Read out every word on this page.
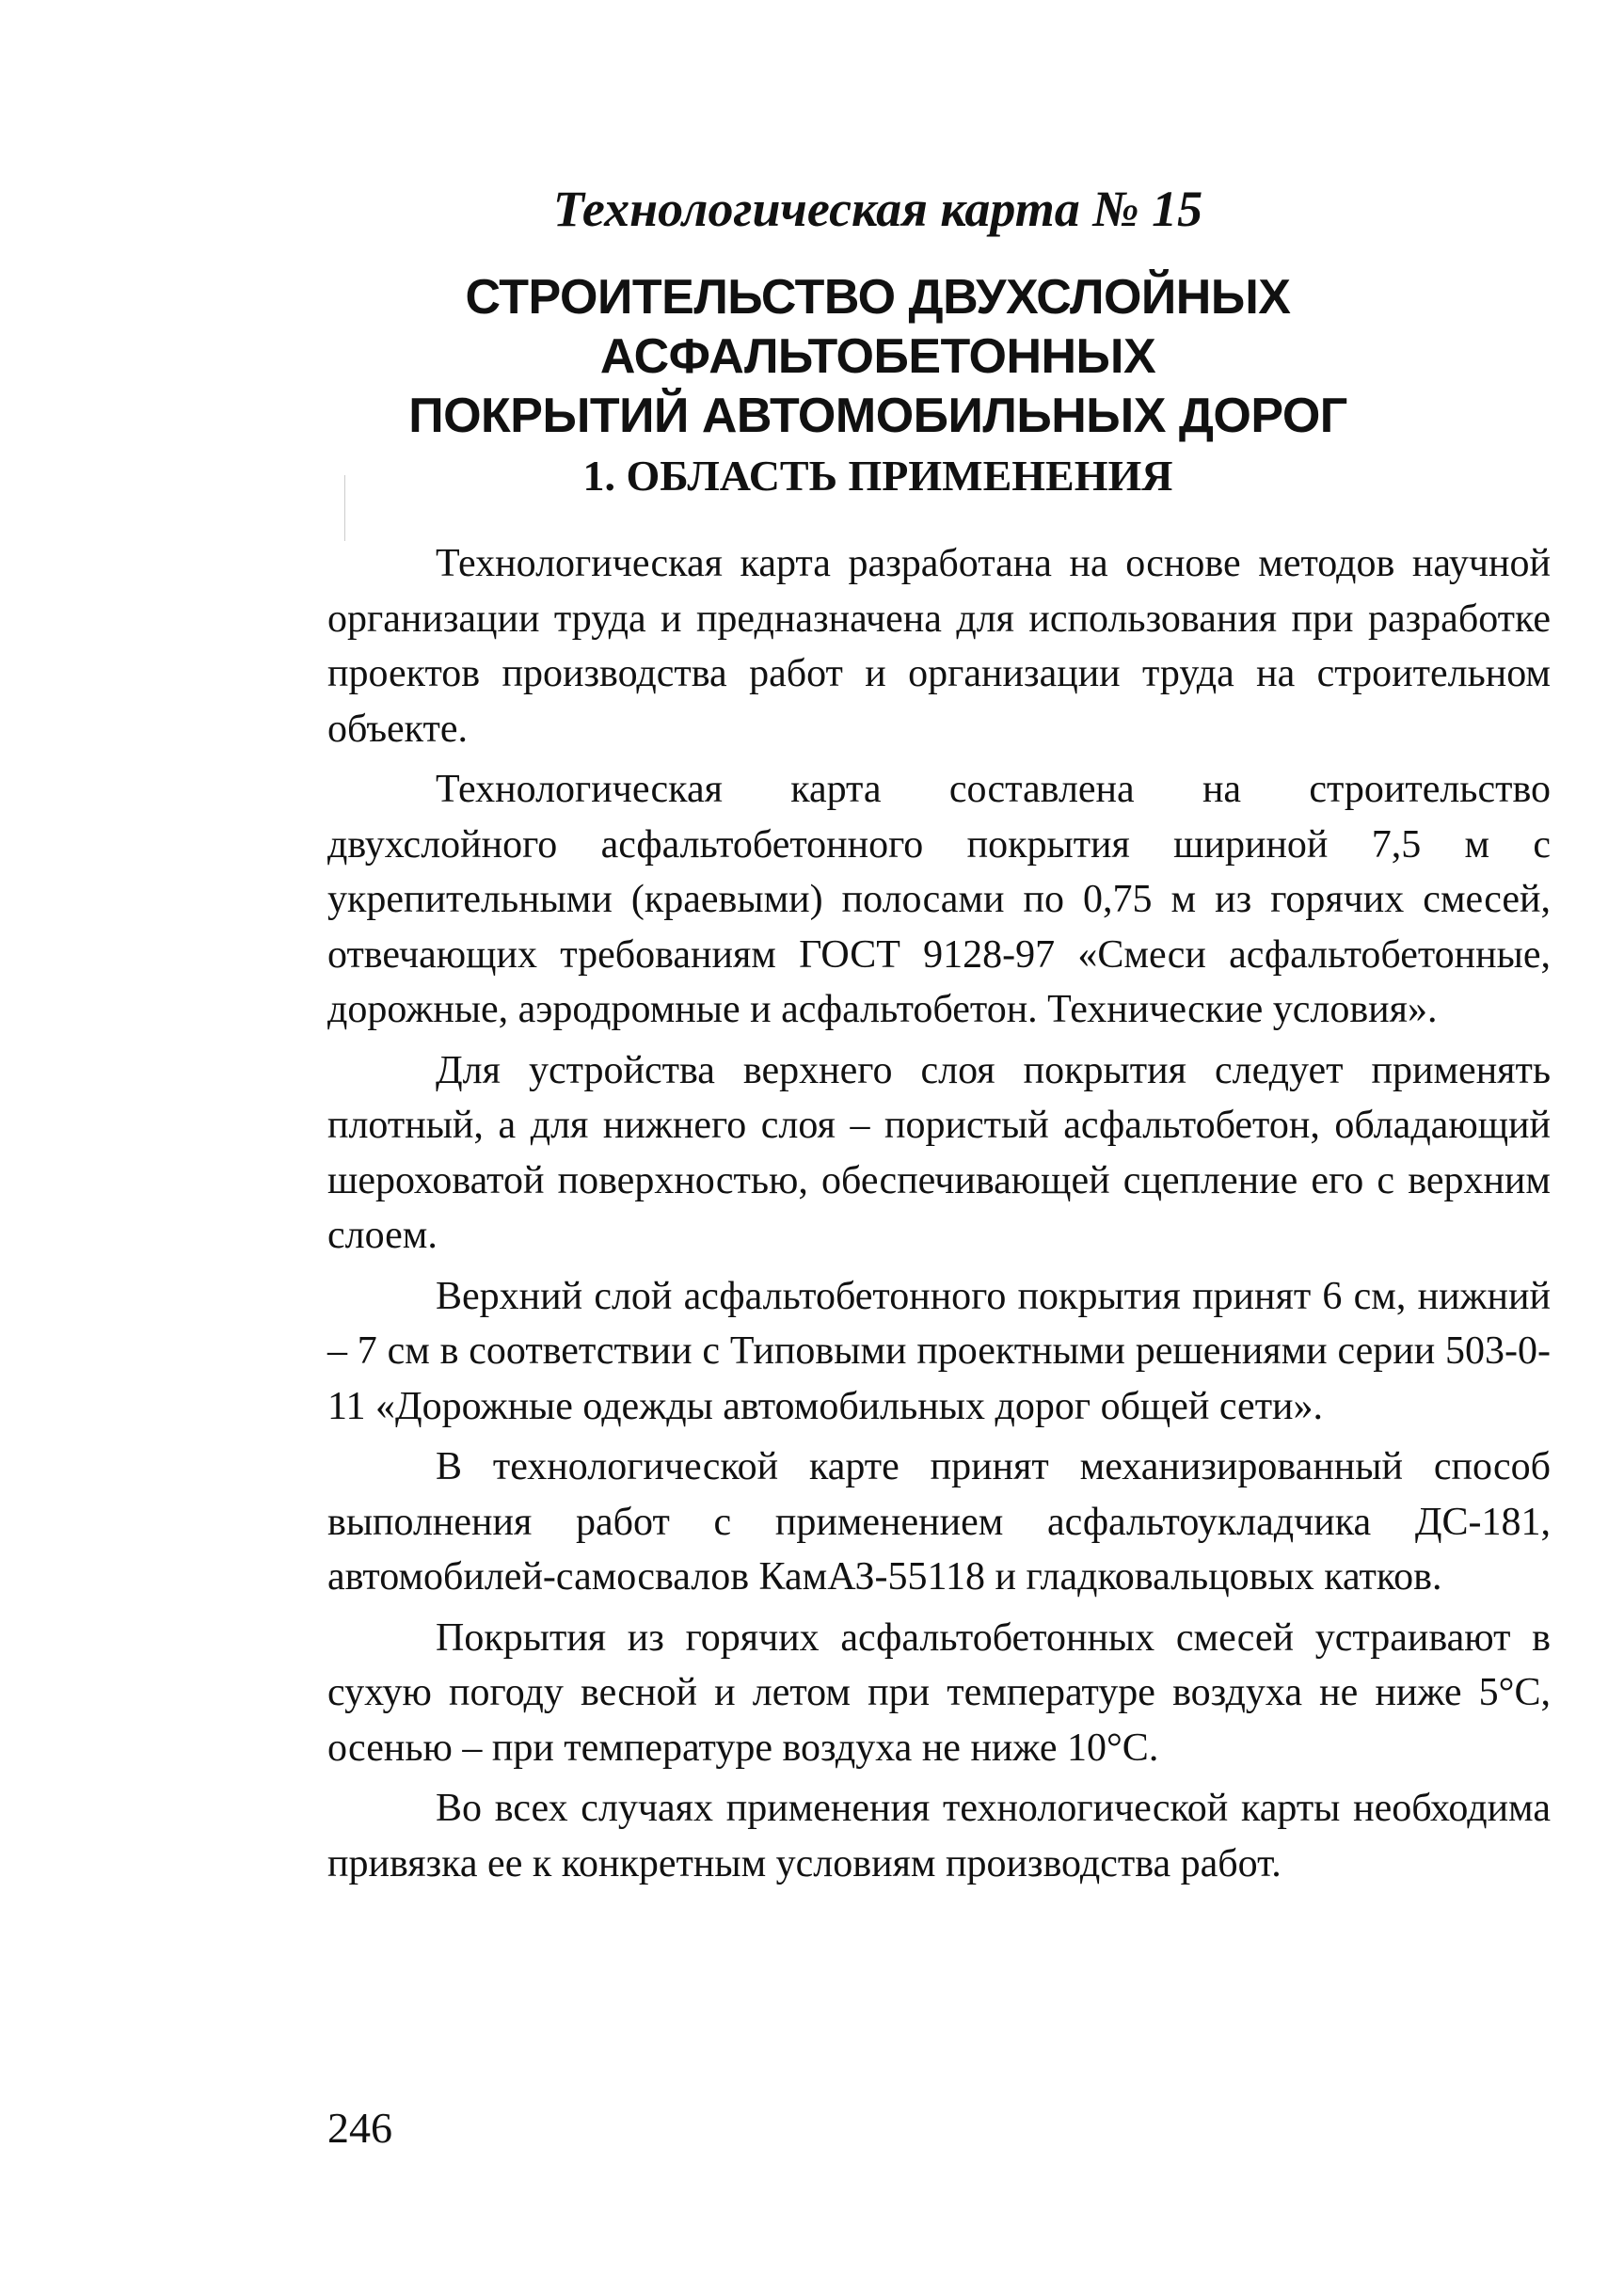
Технологическая карта № 15
СТРОИТЕЛЬСТВО ДВУХСЛОЙНЫХ
АСФАЛЬТОБЕТОННЫХ
ПОКРЫТИЙ АВТОМОБИЛЬНЫХ ДОРОГ
1. ОБЛАСТЬ ПРИМЕНЕНИЯ

Технологическая карта разработана на основе методов научной организации труда и предназначена для использования при разработке проектов производства работ и организации труда на строительном объекте.

Технологическая карта составлена на строительство двухслойного асфальтобетонного покрытия шириной 7,5 м с укрепительными (краевыми) полосами по 0,75 м из горячих смесей, отвечающих требованиям ГОСТ 9128-97 «Смеси асфальтобетонные, дорожные, аэродромные и асфальтобетон. Технические условия».

Для устройства верхнего слоя покрытия следует применять плотный, а для нижнего слоя – пористый асфальтобетон, обладающий шероховатой поверхностью, обеспечивающей сцепление его с верхним слоем.

Верхний слой асфальтобетонного покрытия принят 6 см, нижний – 7 см в соответствии с Типовыми проектными решениями серии 503-0-11 «Дорожные одежды автомобильных дорог общей сети».

В технологической карте принят механизированный способ выполнения работ с применением асфальтоукладчика ДС-181, автомобилей-самосвалов КамАЗ-55118 и гладковальцовых катков.

Покрытия из горячих асфальтобетонных смесей устраивают в сухую погоду весной и летом при температуре воздуха не ниже 5°С, осенью – при температуре воздуха не ниже 10°С.

Во всех случаях применения технологической карты необходима привязка ее к конкретным условиям производства работ.

246
